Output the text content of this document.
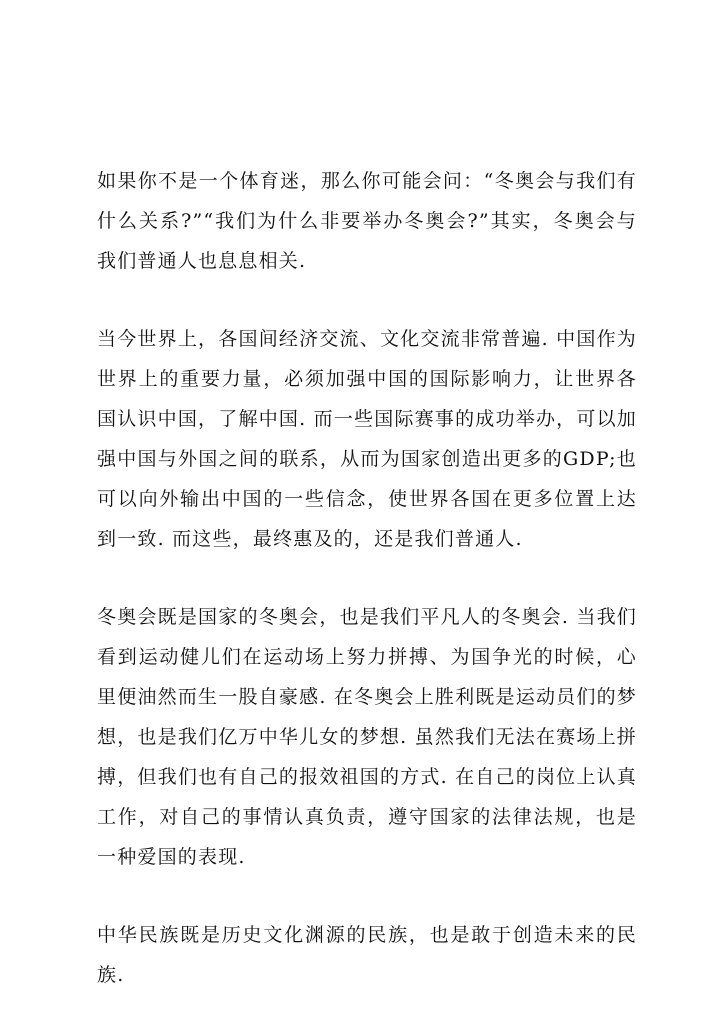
如果你不是一个体育迷，那么你可能会问：“冬奥会与我们有什么关系?”“我们为什么非要举办冬奥会?”其实，冬奥会与我们普通人也息息相关.

当今世界上，各国间经济交流、文化交流非常普遍. 中国作为世界上的重要力量，必须加强中国的国际影响力，让世界各国认识中国，了解中国. 而一些国际赛事的成功举办，可以加强中国与外国之间的联系，从而为国家创造出更多的GDP;也可以向外输出中国的一些信念，使世界各国在更多位置上达到一致. 而这些，最终惠及的，还是我们普通人.

冬奥会既是国家的冬奥会，也是我们平凡人的冬奥会. 当我们看到运动健儿们在运动场上努力拼搏、为国争光的时候，心里便油然而生一股自豪感. 在冬奥会上胜利既是运动员们的梦想，也是我们亿万中华儿女的梦想. 虽然我们无法在赛场上拼搏，但我们也有自己的报效祖国的方式. 在自己的岗位上认真工作，对自己的事情认真负责，遵守国家的法律法规，也是一种爱国的表现.

中华民族既是历史文化渊源的民族，也是敢于创造未来的民族.
